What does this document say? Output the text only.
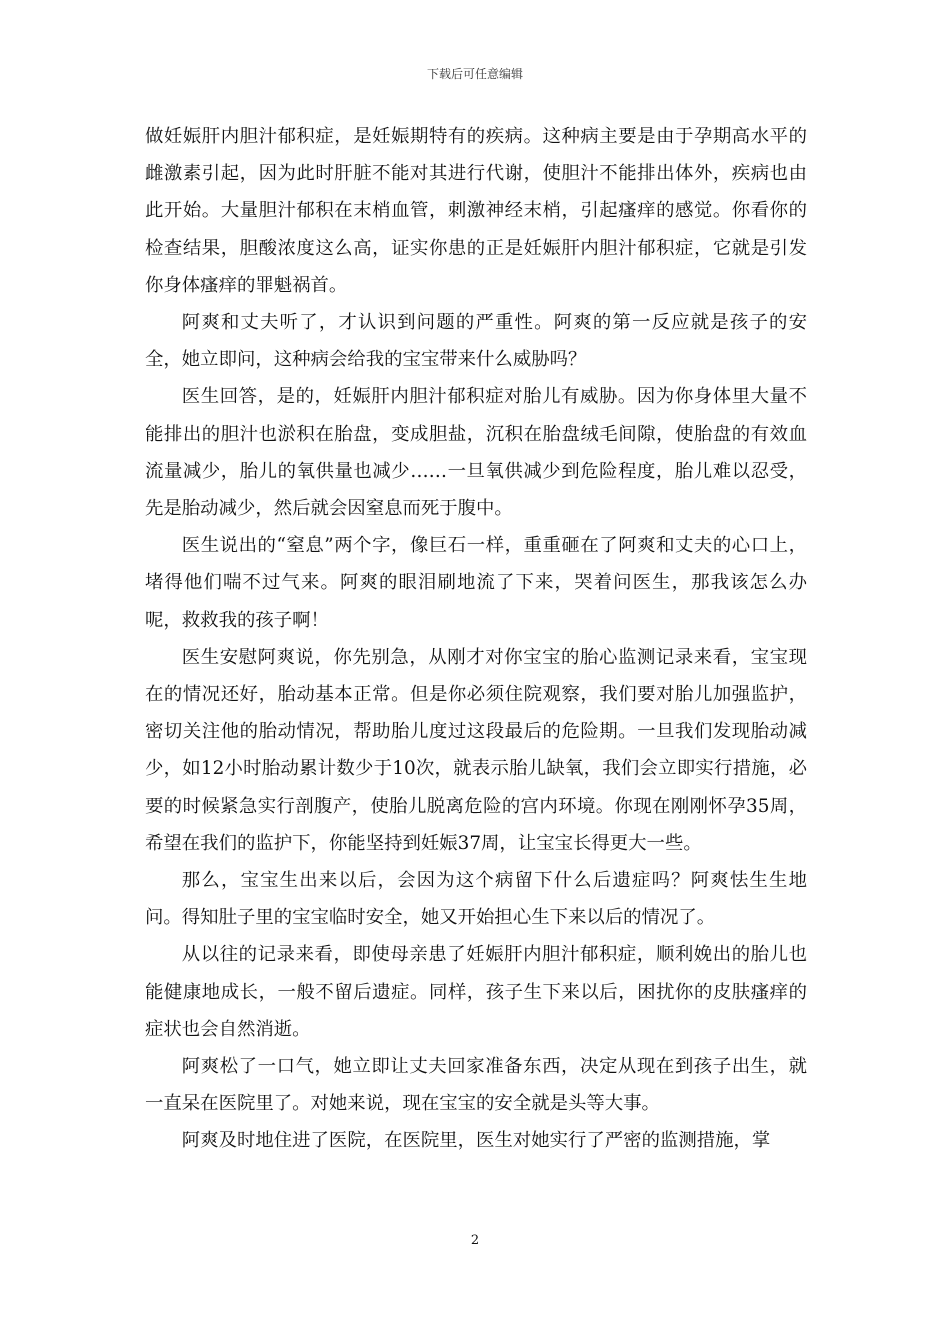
下载后可任意编辑

做妊娠肝内胆汁郁积症，是妊娠期特有的疾病。这种病主要是由于孕期高水平的雌激素引起，因为此时肝脏不能对其进行代谢，使胆汁不能排出体外，疾病也由此开始。大量胆汁郁积在末梢血管，刺激神经末梢，引起瘙痒的感觉。你看你的检查结果，胆酸浓度这么高，证实你患的正是妊娠肝内胆汁郁积症，它就是引发你身体瘙痒的罪魁祸首。

阿爽和丈夫听了，才认识到问题的严重性。阿爽的第一反应就是孩子的安全，她立即问，这种病会给我的宝宝带来什么威胁吗？

医生回答，是的，妊娠肝内胆汁郁积症对胎儿有威胁。因为你身体里大量不能排出的胆汁也淤积在胎盘，变成胆盐，沉积在胎盘绒毛间隙，使胎盘的有效血流量减少，胎儿的氧供量也减少……一旦氧供减少到危险程度，胎儿难以忍受，先是胎动减少，然后就会因窒息而死于腹中。

医生说出的“窒息”两个字，像巨石一样，重重砸在了阿爽和丈夫的心口上，堵得他们喘不过气来。阿爽的眼泪刷地流了下来，哭着问医生，那我该怎么办呢，救救我的孩子啊！

医生安慰阿爽说，你先别急，从刚才对你宝宝的胎心监测记录来看，宝宝现在的情况还好，胎动基本正常。但是你必须住院观察，我们要对胎儿加强监护，密切关注他的胎动情况，帮助胎儿度过这段最后的危险期。一旦我们发现胎动减少，如12小时胎动累计数少于10次，就表示胎儿缺氧，我们会立即实行措施，必要的时候紧急实行剖腹产，使胎儿脱离危险的宫内环境。你现在刚刚怀孕35周，希望在我们的监护下，你能坚持到妊娠37周，让宝宝长得更大一些。

那么，宝宝生出来以后，会因为这个病留下什么后遗症吗？阿爽怯生生地问。得知肚子里的宝宝临时安全，她又开始担心生下来以后的情况了。

从以往的记录来看，即使母亲患了妊娠肝内胆汁郁积症，顺利娩出的胎儿也能健康地成长，一般不留后遗症。同样，孩子生下来以后，困扰你的皮肤瘙痒的症状也会自然消逝。

阿爽松了一口气，她立即让丈夫回家准备东西，决定从现在到孩子出生，就一直呆在医院里了。对她来说，现在宝宝的安全就是头等大事。

阿爽及时地住进了医院，在医院里，医生对她实行了严密的监测措施，掌

2
